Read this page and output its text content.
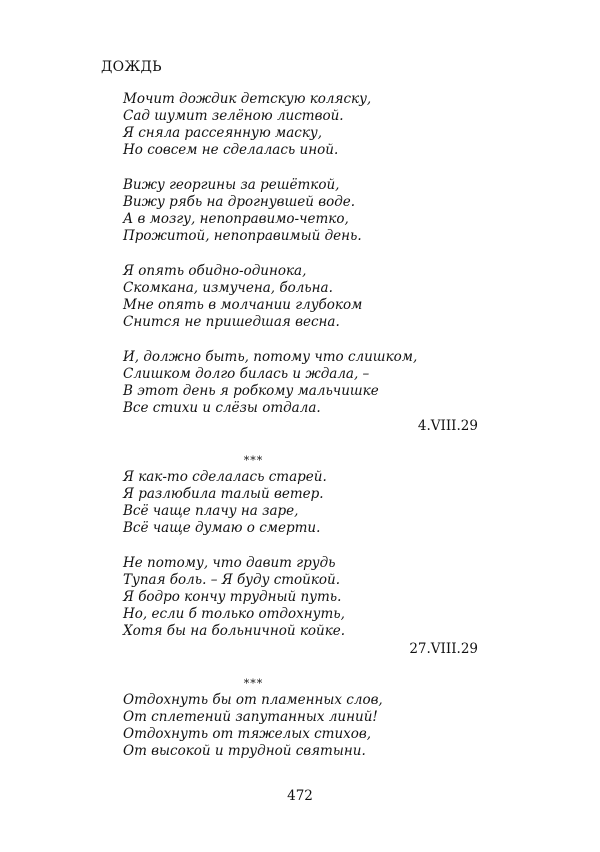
ДОЖДЬ
Мочит дождик детскую коляску,
Сад шумит зелёною листвой.
Я сняла рассеянную маску,
Но совсем не сделалась иной.
Вижу георгины за решёткой,
Вижу рябь на дрогнувшей воде.
А в мозгу, непоправимо-четко,
Прожитой, непоправимый день.
Я опять обидно-одинока,
Скомкана, измучена, больна.
Мне опять в молчании глубоком
Снится не пришедшая весна.
И, должно быть, потому что слишком,
Слишком долго билась и ждала, –
В этот день я робкому мальчишке
Все стихи и слёзы отдала.
4.VIII.29
***
Я как-то сделалась старей.
Я разлюбила талый ветер.
Всё чаще плачу на заре,
Всё чаще думаю о смерти.
Не потому, что давит грудь
Тупая боль. – Я буду стойкой.
Я бодро кончу трудный путь.
Но, если б только отдохнуть,
Хотя бы на больничной койке.
27.VIII.29
***
Отдохнуть бы от пламенных слов,
От сплетений запутанных линий!
Отдохнуть от тяжелых стихов,
От высокой и трудной святыни.
472
